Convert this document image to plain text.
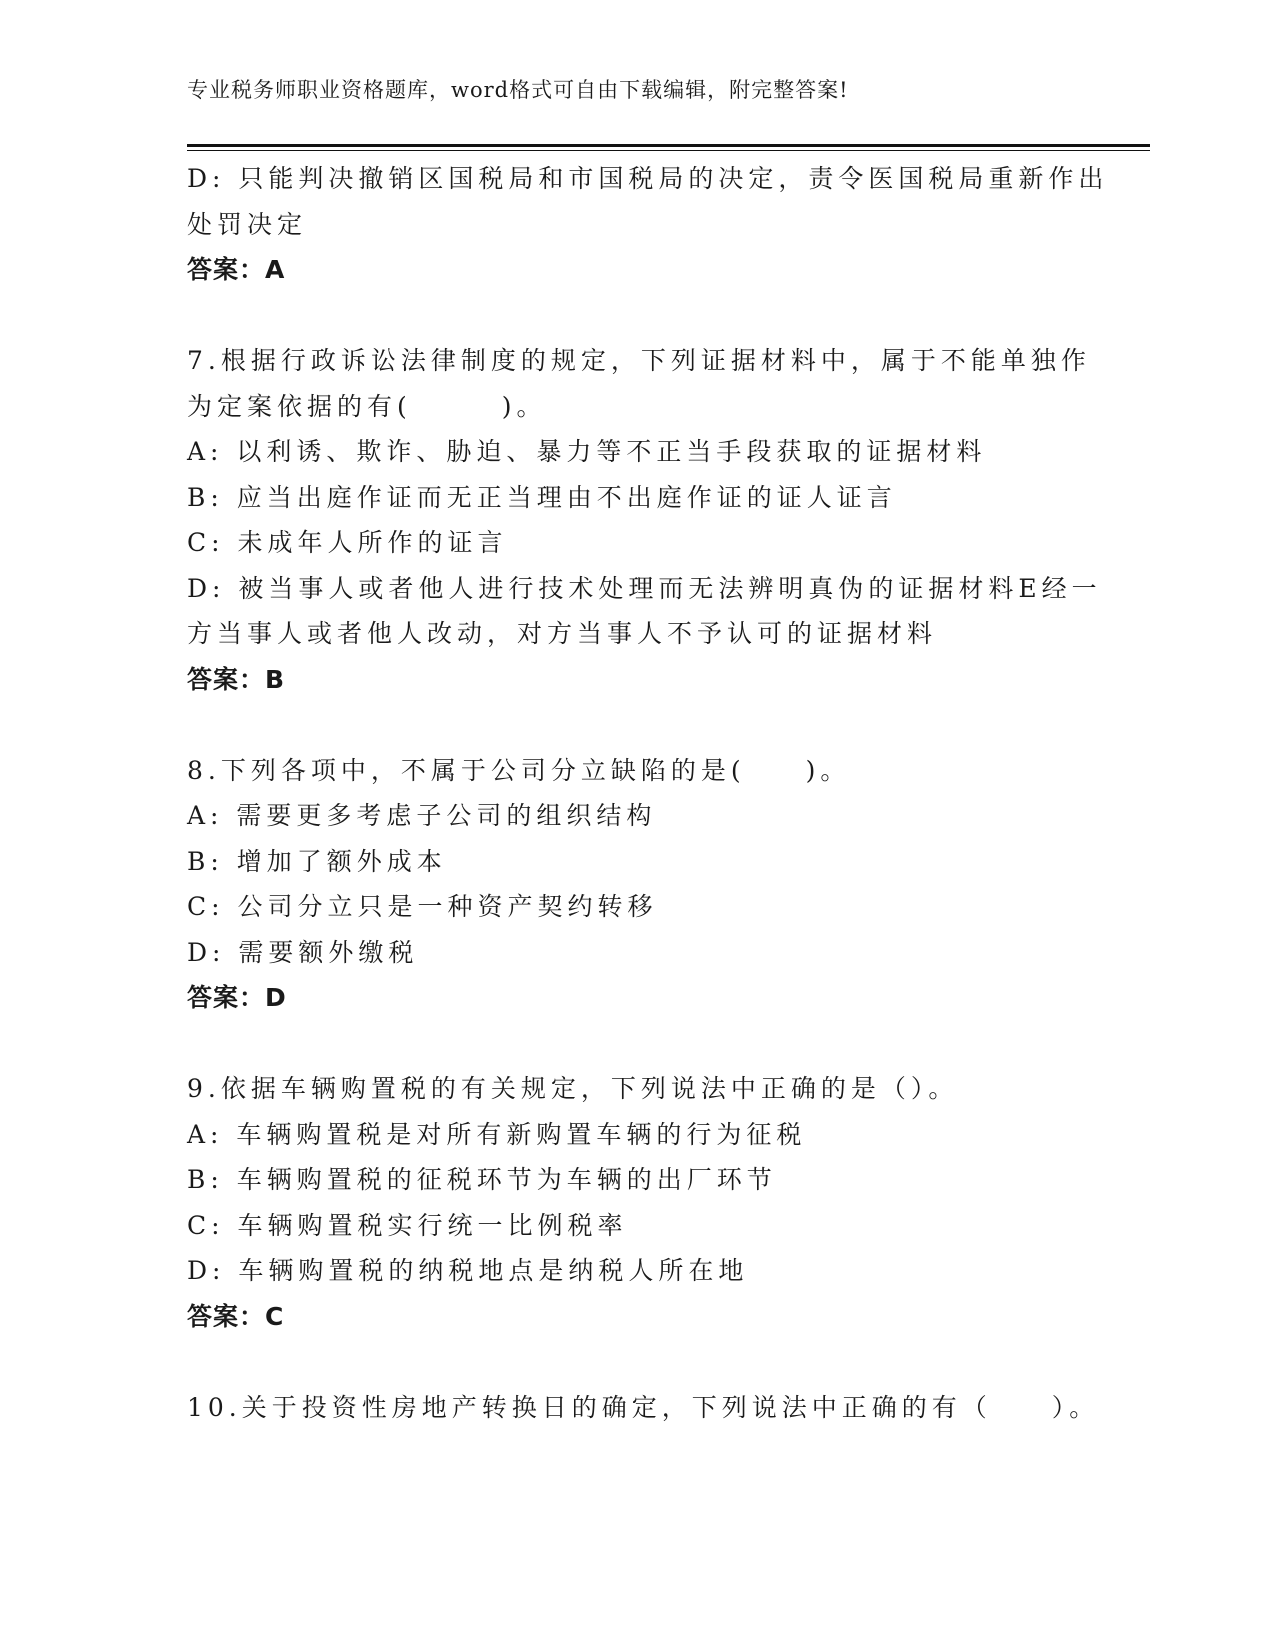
专业税务师职业资格题库，word格式可自由下载编辑，附完整答案!
D: 只能判决撤销区国税局和市国税局的决定，责令医国税局重新作出
处罚决定
答案：A
7.根据行政诉讼法律制度的规定，下列证据材料中，属于不能单独作
为定案依据的有(　　　)。
A: 以利诱、欺诈、胁迫、暴力等不正当手段获取的证据材料
B: 应当出庭作证而无正当理由不出庭作证的证人证言
C: 未成年人所作的证言
D: 被当事人或者他人进行技术处理而无法辨明真伪的证据材料E经一
方当事人或者他人改动，对方当事人不予认可的证据材料
答案：B
8.下列各项中，不属于公司分立缺陷的是(　　)。
A: 需要更多考虑子公司的组织结构
B: 增加了额外成本
C: 公司分立只是一种资产契约转移
D: 需要额外缴税
答案：D
9.依据车辆购置税的有关规定，下列说法中正确的是（）。
A: 车辆购置税是对所有新购置车辆的行为征税
B: 车辆购置税的征税环节为车辆的出厂环节
C: 车辆购置税实行统一比例税率
D: 车辆购置税的纳税地点是纳税人所在地
答案：C
10.关于投资性房地产转换日的确定，下列说法中正确的有（　　）。
